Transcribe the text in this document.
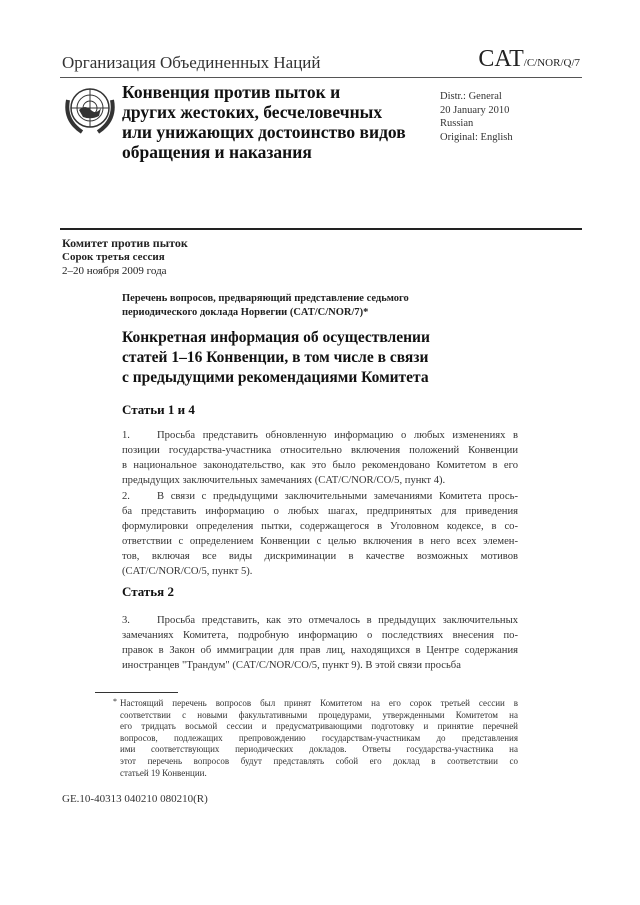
Организация Объединенных Наций	CAT/C/NOR/Q/7
Конвенция против пыток и
других жестоких, бесчеловечных
или унижающих достоинство видов
обращения и наказания
Distr.: General
20 January 2010
Russian
Original: English
Комитет против пыток
Сорок третья сессия
2–20 ноября 2009 года
Перечень вопросов, предваряющий представление седьмого
периодического доклада Норвегии (CAT/C/NOR/7)*
Конкретная информация об осуществлении
статей 1–16 Конвенции, в том числе в связи
с предыдущими рекомендациями Комитета
Статьи 1 и 4
1.	Просьба представить обновленную информацию о любых изменениях в
позиции государства-участника относительно включения положений Конвенции
в национальное законодательство, как это было рекомендовано Комитетом в его
предыдущих заключительных замечаниях (CAT/C/NOR/CO/5, пункт 4).
2.	В связи с предыдущими заключительными замечаниями Комитета прось-
ба представить информацию о любых шагах, предпринятых для приведения
формулировки определения пытки, содержащегося в Уголовном кодексе, в со-
ответствии с определением Конвенции с целью включения в него всех элемен-
тов, включая все виды дискриминации в качестве возможных мотивов
(CAT/C/NOR/CO/5, пункт 5).
Статья 2
3.	Просьба представить, как это отмечалось в предыдущих заключительных
замечаниях Комитета, подробную информацию о последствиях внесения по-
правок в Закон об иммиграции для прав лиц, находящихся в Центре содержания
иностранцев "Трандум" (CAT/C/NOR/CO/5, пункт 9). В этой связи просьба
* Настоящий перечень вопросов был принят Комитетом на его сорок третьей сессии в
соответствии с новыми факультативными процедурами, утвержденными Комитетом на
его тридцать восьмой сессии и предусматривающими подготовку и принятие перечней
вопросов, подлежащих препровождению государствам-участникам до представления
ими соответствующих периодических докладов. Ответы государства-участника на
этот перечень вопросов будут представлять собой его доклад в соответствии со
статьей 19 Конвенции.
GE.10-40313 040210 080210(R)
